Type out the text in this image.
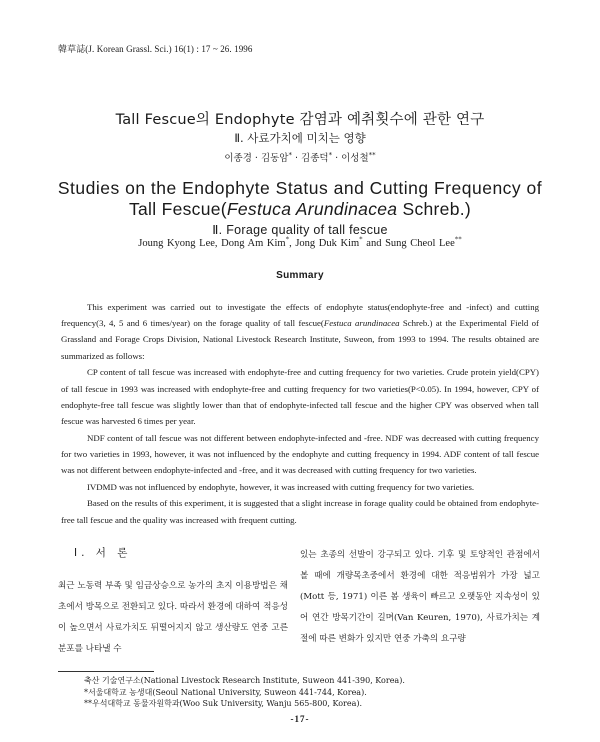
韓草誌(J. Korean Grassl. Sci.) 16(1) : 17 ~ 26. 1996
Tall Fescue의 Endophyte 감염과 예취횟수에 관한 연구
Ⅱ. 사료가치에 미치는 영향
이종경 · 김동암* · 김종덕* · 이성철**
Studies on the Endophyte Status and Cutting Frequency of
Tall Fescue(Festuca Arundinacea Schreb.)
Ⅱ. Forage quality of tall fescue
Joung Kyong Lee, Dong Am Kim*, Jong Duk Kim* and Sung Cheol Lee**
Summary

This experiment was carried out to investigate the effects of endophyte status(endophyte-free and -infect) and cutting frequency(3, 4, 5 and 6 times/year) on the forage quality of tall fescue(Festuca arundinacea Schreb.) at the Experimental Field of Grassland and Forage Crops Division, National Livestock Research Institute, Suweon, from 1993 to 1994. The results obtained are summarized as follows:

CP content of tall fescue was increased with endophyte-free and cutting frequency for two varieties. Crude protein yield(CPY) of tall fescue in 1993 was increased with endophyte-free and cutting frequency for two varieties(P<0.05). In 1994, however, CPY of endophyte-free tall fescue was slightly lower than that of endophyte-infected tall fescue and the higher CPY was observed when tall fescue was harvested 6 times per year.

NDF content of tall fescue was not different between endophyte-infected and -free. NDF was decreased with cutting frequency for two varieties in 1993, however, it was not influenced by the endophyte and cutting frequency in 1994. ADF content of tall fescue was not different between endophyte-infected and -free, and it was decreased with cutting frequency for two varieties.

IVDMD was not influenced by endophyte, however, it was increased with cutting frequency for two varieties.

Based on the results of this experiment, it is suggested that a slight increase in forage quality could be obtained from endophyte-free tall fescue and the quality was increased with frequent cutting.

Ⅰ. 서 론
최근 노동력 부족 및 임금상승으로 농가의 초지 이용방법은 채초에서 방목으로 전환되고 있다. 따라서 환경에 대하여 적응성이 높으면서 사료가치도 뒤떨어지지 않고 생산량도 연중 고른 분포를 나타낼 수
있는 초종의 선발이 강구되고 있다. 기후 및 토양적인 관점에서 볼 때에 개량목초중에서 환경에 대한 적응범위가 가장 넓고(Mott 등, 1971) 이른 봄 생육이 빠르고 오랫동안 지속성이 있어 연간 방목기간이 길며(Van Keuren, 1970), 사료가치는 계절에 따른 변화가 있지만 연중 가축의 요구량
축산 기술연구소(National Livestock Research Institute, Suweon 441-390, Korea).
*서울대학교 농생대(Seoul National University, Suweon 441-744, Korea).
**우석대학교 동물자원학과(Woo Suk University, Wanju 565-800, Korea).
-17-
